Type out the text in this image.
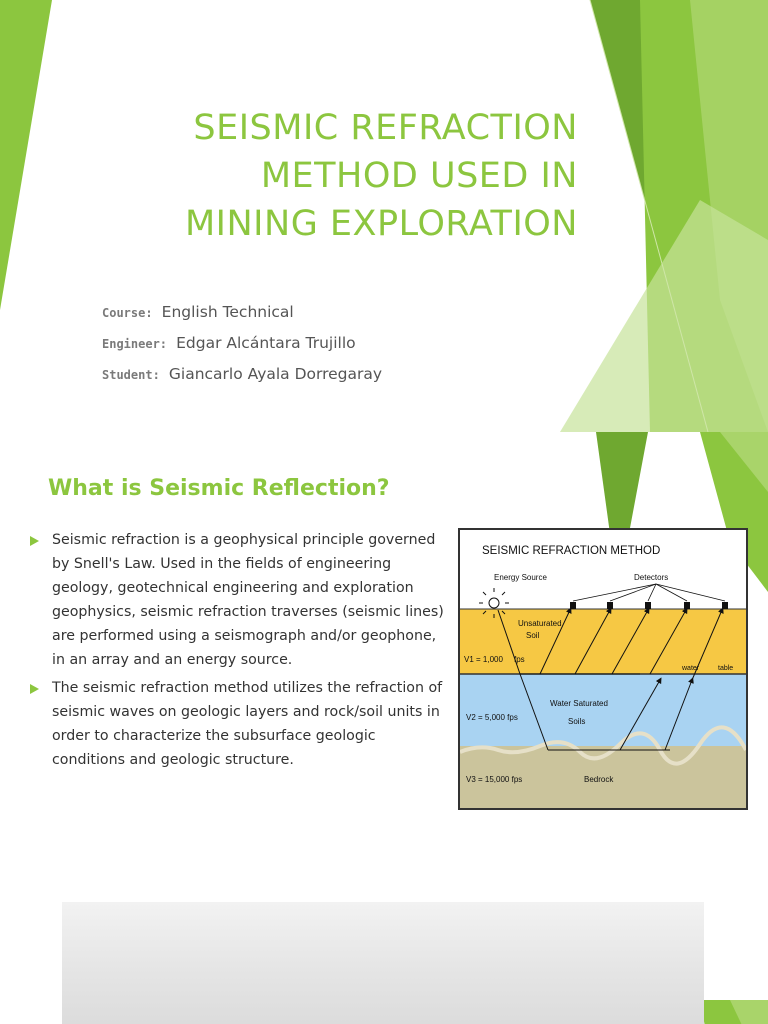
SEISMIC REFRACTION METHOD USED IN MINING EXPLORATION
Course: English Technical
Engineer: Edgar Alcántara Trujillo
Student: Giancarlo Ayala Dorregaray
What is Seismic Reflection?
Seismic refraction is a geophysical principle governed by Snell's Law. Used in the fields of engineering geology, geotechnical engineering and exploration geophysics, seismic refraction traverses (seismic lines) are performed using a seismograph and/or geophone, in an array and an energy source.
The seismic refraction method utilizes the refraction of seismic waves on geologic layers and rock/soil units in order to characterize the subsurface geologic conditions and geologic structure.
SEISMIC REFRACTION METHOD
Energy Source	Detectors
Unsaturated
Soil
V1 = 1,000 fps
water	table
Water Saturated
Soils
V2 = 5,000 fps
V3 = 15,000 fps	Bedrock
